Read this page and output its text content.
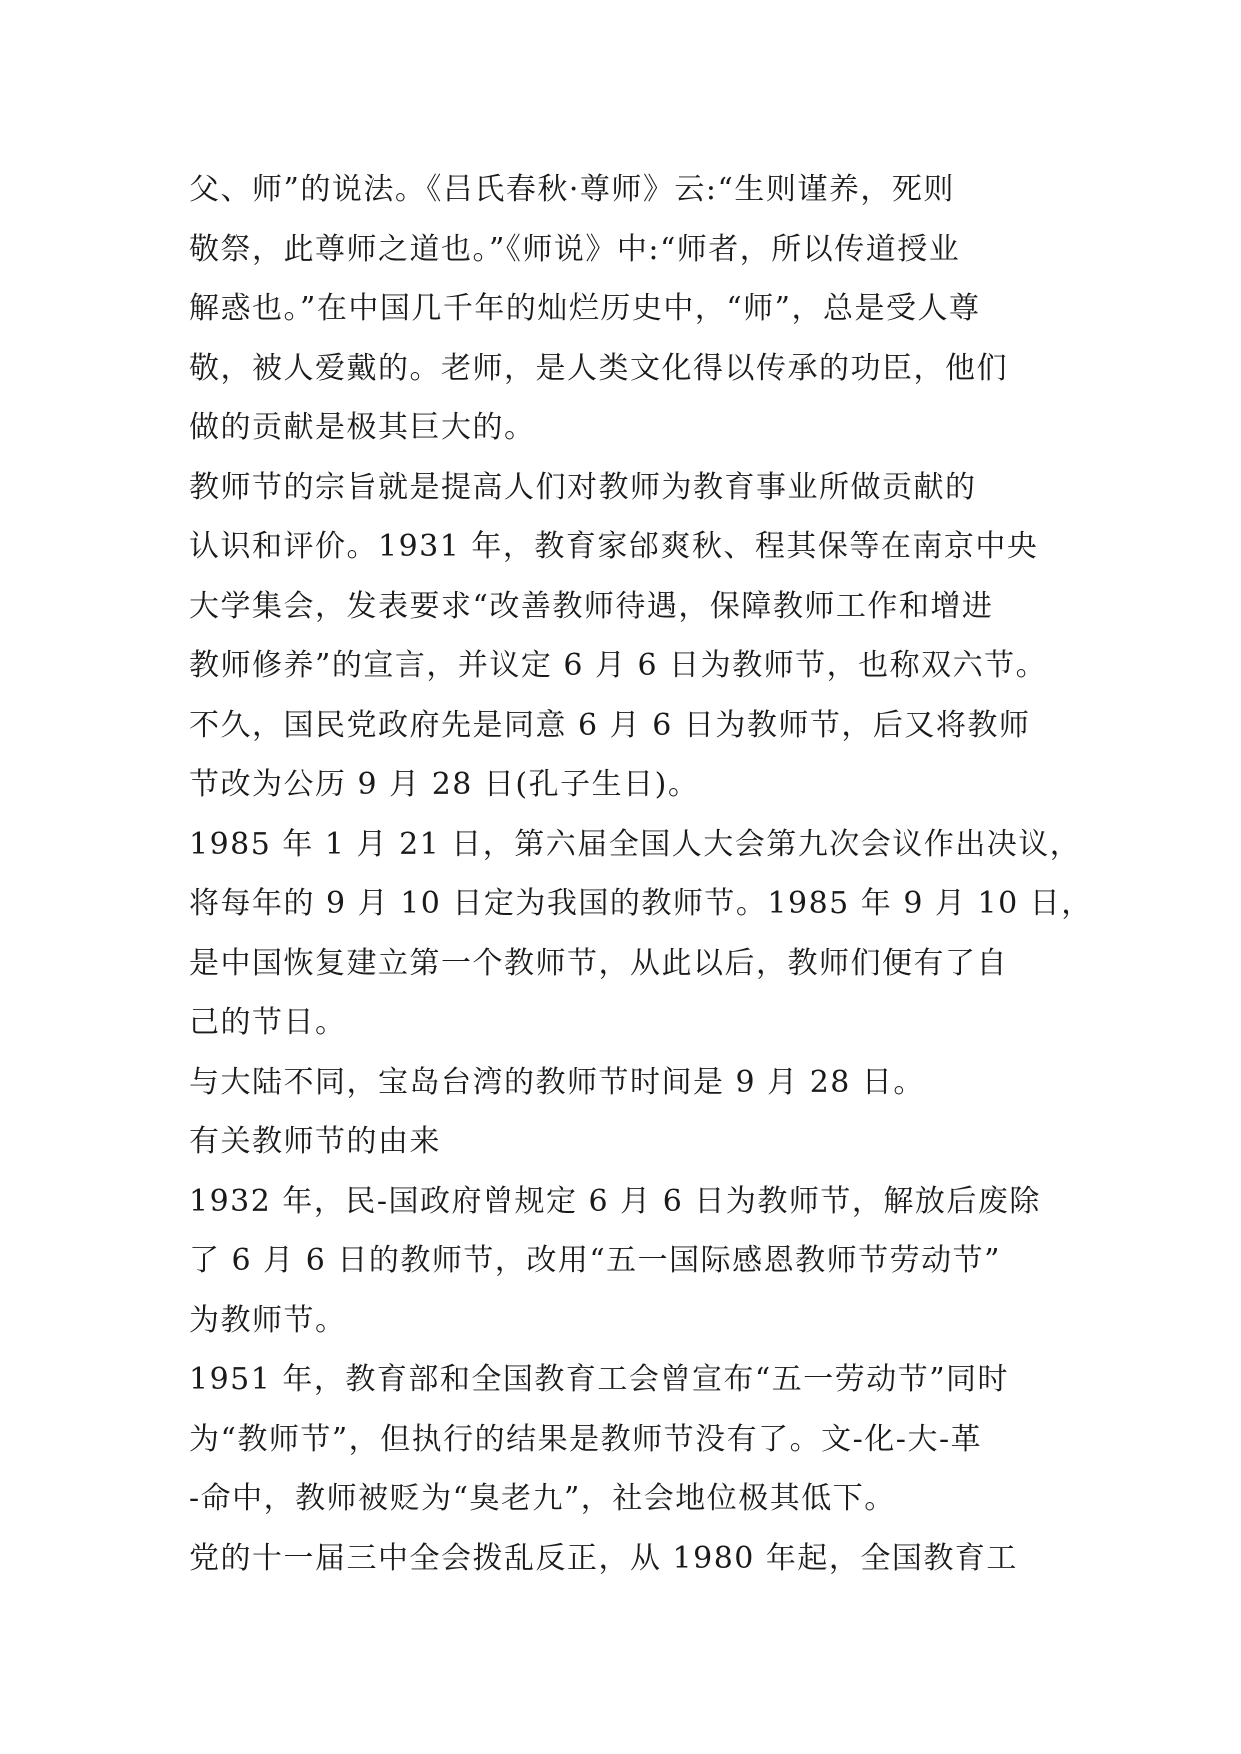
父、师”的说法。《吕氏春秋·尊师》云:“生则谨养，死则
敬祭，此尊师之道也。”《师说》中:“师者，所以传道授业
解惑也。”在中国几千年的灿烂历史中，“师”，总是受人尊
敬，被人爱戴的。老师，是人类文化得以传承的功臣，他们
做的贡献是极其巨大的。
教师节的宗旨就是提高人们对教师为教育事业所做贡献的
认识和评价。1931 年，教育家邰爽秋、程其保等在南京中央
大学集会，发表要求“改善教师待遇，保障教师工作和增进
教师修养”的宣言，并议定 6 月 6 日为教师节，也称双六节。
不久，国民党政府先是同意 6 月 6 日为教师节，后又将教师
节改为公历 9 月 28 日(孔子生日)。
1985 年 1 月 21 日，第六届全国人大会第九次会议作出决议，
将每年的 9 月 10 日定为我国的教师节。1985 年 9 月 10 日，
是中国恢复建立第一个教师节，从此以后，教师们便有了自
己的节日。
与大陆不同，宝岛台湾的教师节时间是 9 月 28 日。
有关教师节的由来
1932 年，民-国政府曾规定 6 月 6 日为教师节，解放后废除
了 6 月 6 日的教师节，改用“五一国际感恩教师节劳动节”
为教师节。
1951 年，教育部和全国教育工会曾宣布“五一劳动节”同时
为“教师节”，但执行的结果是教师节没有了。文-化-大-革
-命中，教师被贬为“臭老九”，社会地位极其低下。
党的十一届三中全会拨乱反正，从 1980 年起，全国教育工
